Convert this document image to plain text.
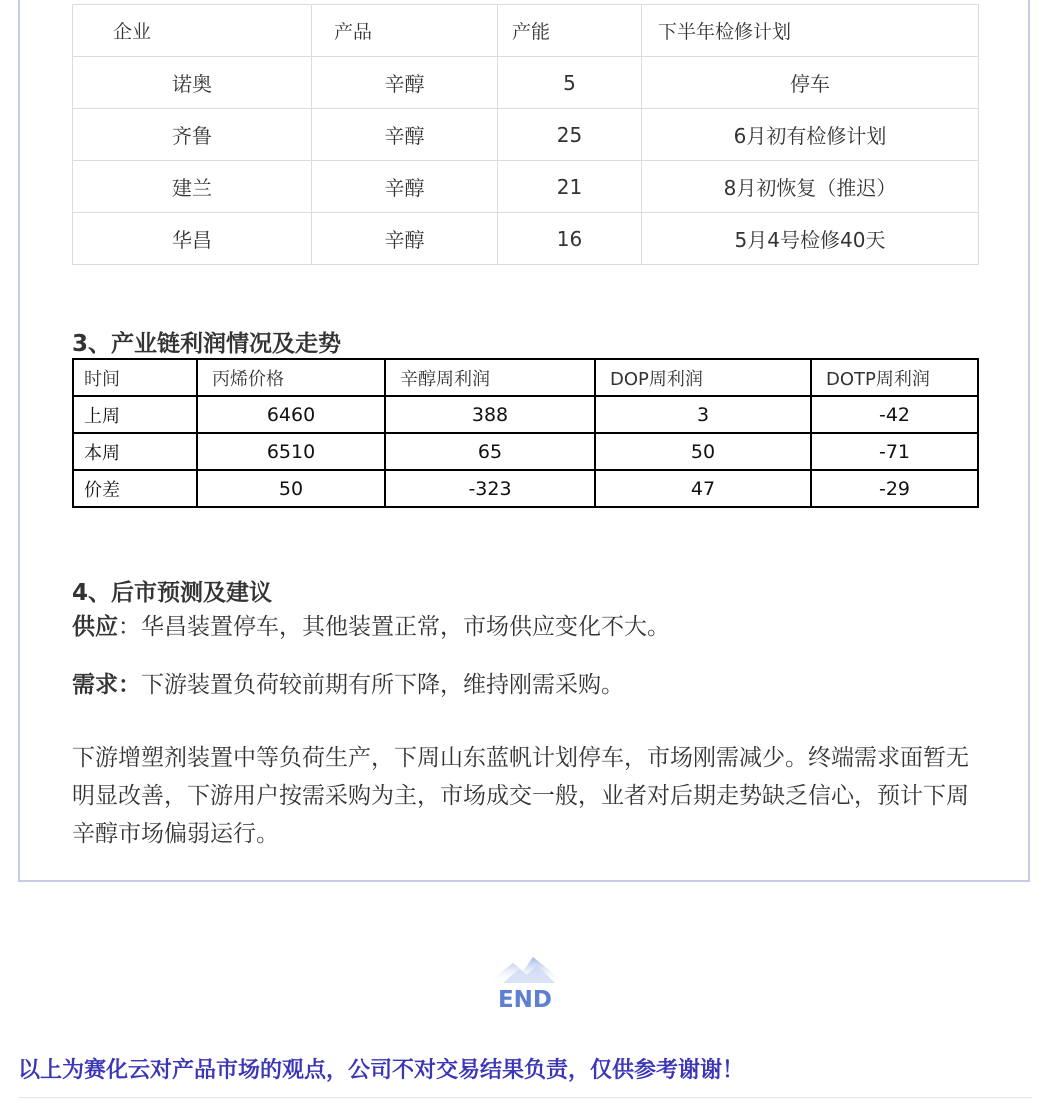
企业	产品	产能	下半年检修计划
诺奥	辛醇	5	停车
齐鲁	辛醇	25	6月初有检修计划
建兰	辛醇	21	8月初恢复（推迟）
华昌	辛醇	16	5月4号检修40天
3、产业链利润情况及走势
时间	丙烯价格	辛醇周利润	DOP周利润	DOTP周利润
上周	6460	388	3	-42
本周	6510	65	50	-71
价差	50	-323	47	-29
4、后市预测及建议
供应：华昌装置停车，其他装置正常，市场供应变化不大。
需求：下游装置负荷较前期有所下降，维持刚需采购。
下游增塑剂装置中等负荷生产，下周山东蓝帆计划停车，市场刚需减少。终端需求面暂无明显改善，下游用户按需采购为主，市场成交一般，业者对后期走势缺乏信心，预计下周辛醇市场偏弱运行。
END
以上为赛化云对产品市场的观点，公司不对交易结果负责，仅供参考谢谢！
